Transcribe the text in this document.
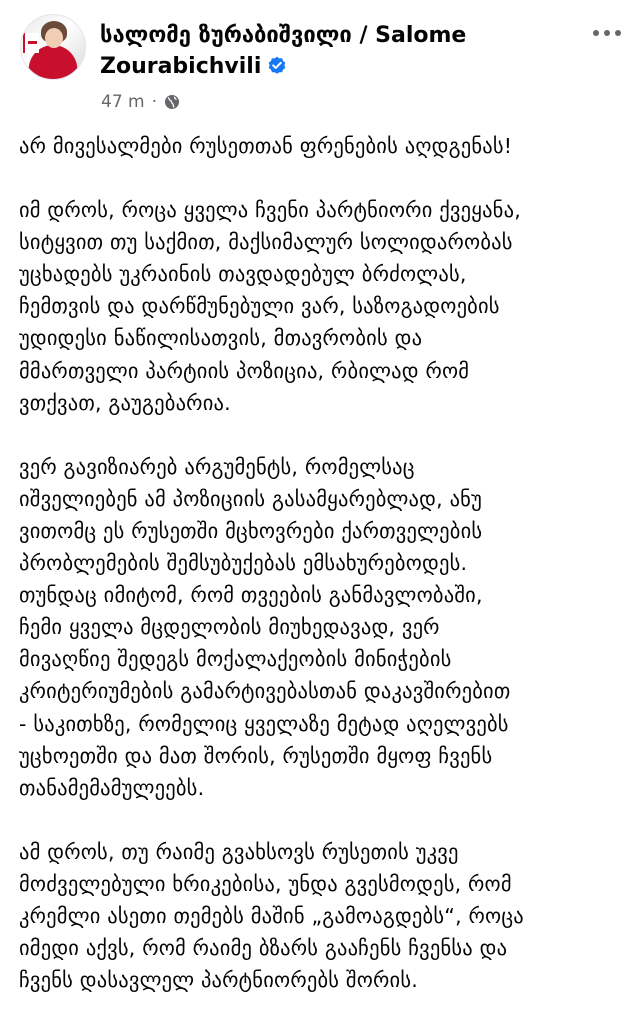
სალომე ზურაბიშვილი / Salome Zourabichvili
47 m ·

არ მივესალმები რუსეთთან ფრენების აღდგენას!

იმ დროს, როცა ყველა ჩვენი პარტნიორი ქვეყანა,
სიტყვით თუ საქმით, მაქსიმალურ სოლიდარობას
უცხადებს უკრაინის თავდადებულ ბრძოლას,
ჩემთვის და დარწმუნებული ვარ, საზოგადოების
უდიდესი ნაწილისათვის, მთავრობის და
მმართველი პარტიის პოზიცია, რბილად რომ
ვთქვათ, გაუგებარია.

ვერ გავიზიარებ არგუმენტს, რომელსაც
იშველიებენ ამ პოზიციის გასამყარებლად, ანუ
ვითომც ეს რუსეთში მცხოვრები ქართველების
პრობლემების შემსუბუქებას ემსახურებოდეს.
თუნდაც იმიტომ, რომ თვეების განმავლობაში,
ჩემი ყველა მცდელობის მიუხედავად, ვერ
მივაღწიე შედეგს მოქალაქეობის მინიჭების
კრიტერიუმების გამარტივებასთან დაკავშირებით
- საკითხზე, რომელიც ყველაზე მეტად აღელვებს
უცხოეთში და მათ შორის, რუსეთში მყოფ ჩვენს
თანამემამულეებს.

ამ დროს, თუ რაიმე გვახსოვს რუსეთის უკვე
მოძველებული ხრიკებისა, უნდა გვესმოდეს, რომ
კრემლი ასეთი თემებს მაშინ „გამოაგდებს“, როცა
იმედი აქვს, რომ რაიმე ბზარს გააჩენს ჩვენსა და
ჩვენს დასავლელ პარტნიორებს შორის.
